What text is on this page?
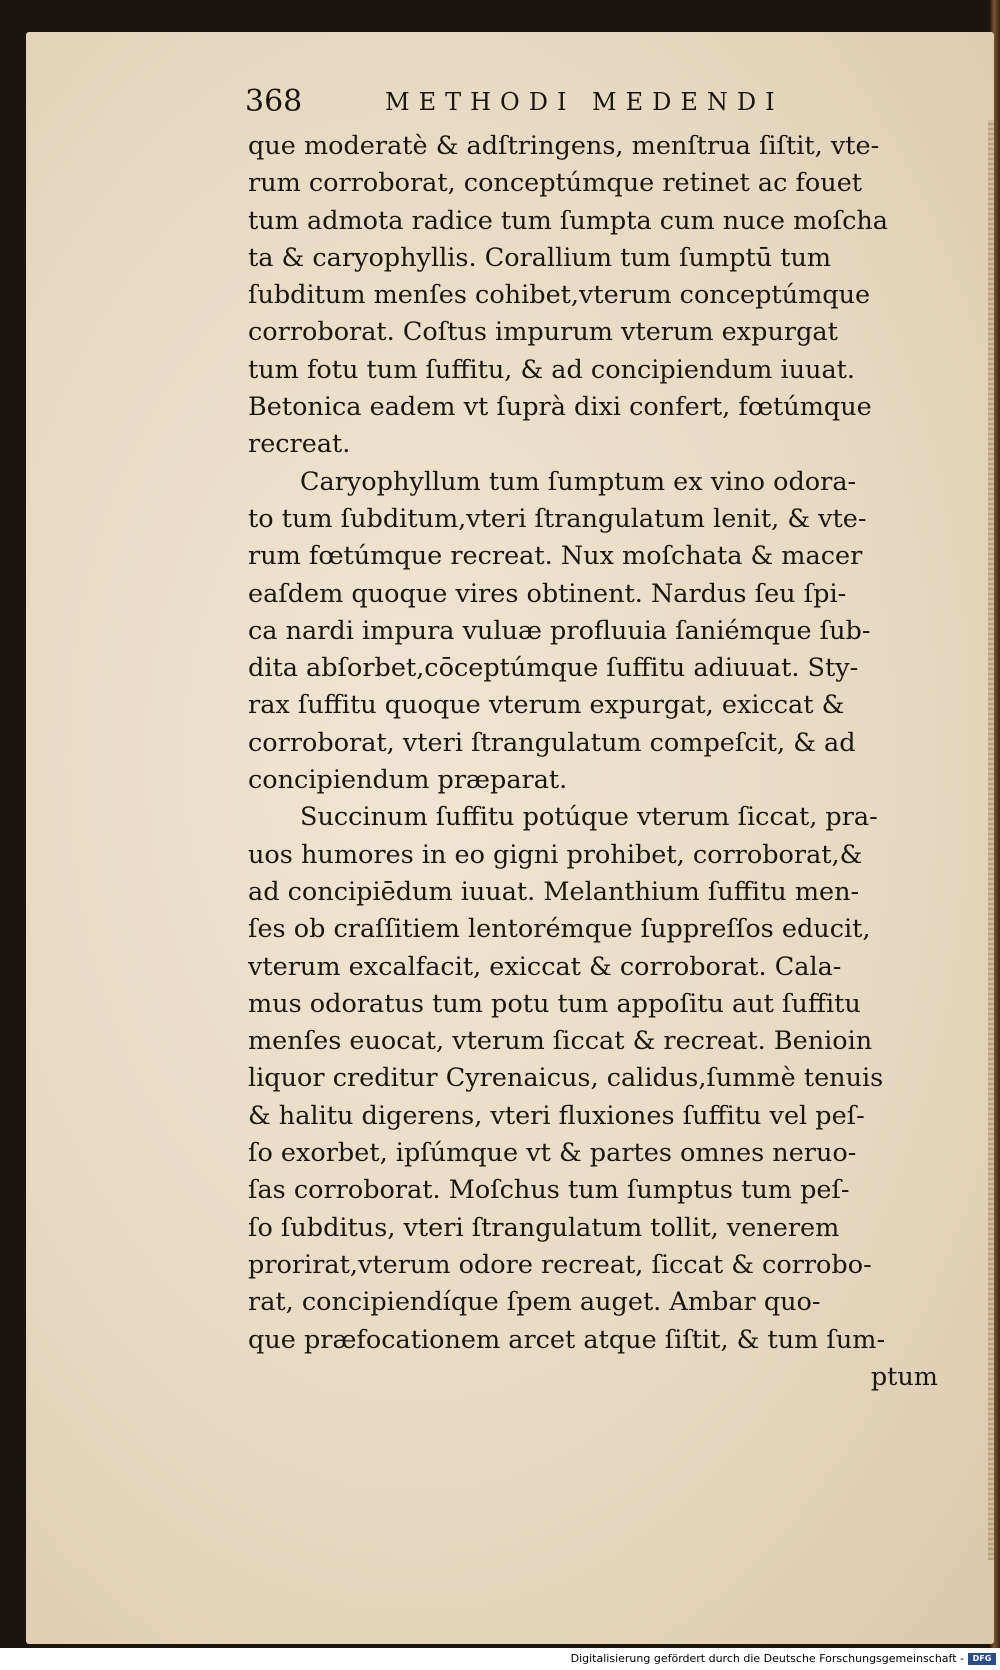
368	METHODI MEDENDI
que moderatè & adſtringens, menſtrua ſiſtit, vte-
rum corroborat, conceptúmque retinet ac fouet
tum admota radice tum ſumpta cum nuce moſcha
ta & caryophyllis. Corallium tum ſumptū tum
ſubditum menſes cohibet,vterum conceptúmque
corroborat. Coſtus impurum vterum expurgat
tum fotu tum ſuffitu, & ad concipiendum iuuat.
Betonica eadem vt ſuprà dixi confert, fœtúmque
recreat.
Caryophyllum tum ſumptum ex vino odora-
to tum ſubditum,vteri ſtrangulatum lenit, & vte-
rum fœtúmque recreat. Nux moſchata & macer
eaſdem quoque vires obtinent. Nardus ſeu ſpi-
ca nardi impura vuluæ profluuia ſaniémque ſub-
dita abſorbet,cōceptúmque ſuffitu adiuuat. Sty-
rax ſuffitu quoque vterum expurgat, exiccat &
corroborat, vteri ſtrangulatum compeſcit, & ad
concipiendum præparat.
Succinum ſuffitu potúque vterum ſiccat, pra-
uos humores in eo gigni prohibet, corroborat,&
ad concipiēdum iuuat. Melanthium ſuffitu men-
ſes ob craſſitiem lentorémque ſuppreſſos educit,
vterum excalfacit, exiccat & corroborat. Cala-
mus odoratus tum potu tum appoſitu aut ſuffitu
menſes euocat, vterum ſiccat & recreat. Benioin
liquor creditur Cyrenaicus, calidus,ſummè tenuis
& halitu digerens, vteri fluxiones ſuffitu vel peſ-
ſo exorbet, ipſúmque vt & partes omnes neruo-
ſas corroborat. Moſchus tum ſumptus tum peſ-
ſo ſubditus, vteri ſtrangulatum tollit, venerem
prorirat,vterum odore recreat, ſiccat & corrobo-
rat, concipiendíque ſpem auget. Ambar quo-
que præfocationem arcet atque ſiſtit, & tum ſum-
ptum
Digitalisierung gefördert durch die Deutsche Forschungsgemeinschaft -	DFG
